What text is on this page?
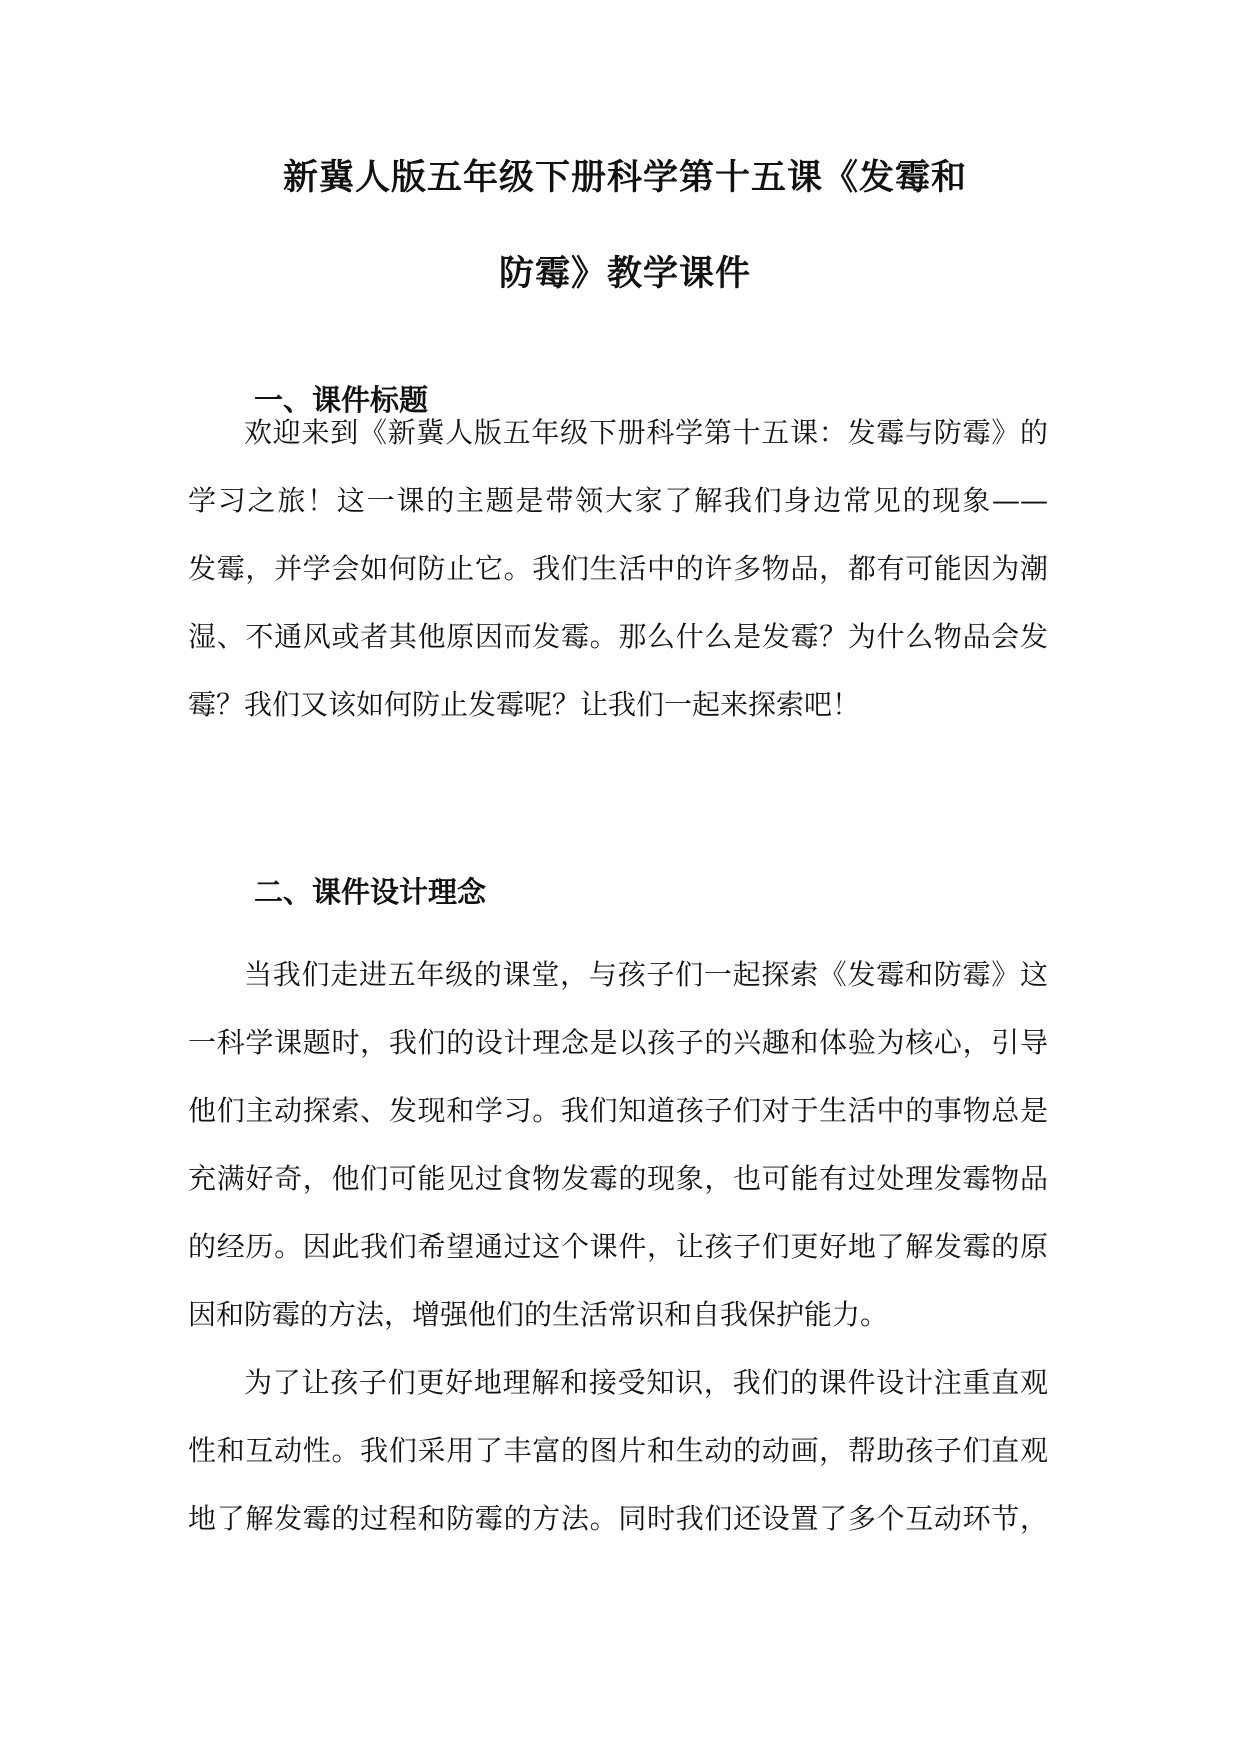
新冀人版五年级下册科学第十五课《发霉和
防霉》教学课件
一、课件标题
欢迎来到《新冀人版五年级下册科学第十五课：发霉与防霉》的
学习之旅！这一课的主题是带领大家了解我们身边常见的现象——
发霉，并学会如何防止它。我们生活中的许多物品，都有可能因为潮
湿、不通风或者其他原因而发霉。那么什么是发霉？为什么物品会发
霉？我们又该如何防止发霉呢？让我们一起来探索吧！
二、课件设计理念
当我们走进五年级的课堂，与孩子们一起探索《发霉和防霉》这
一科学课题时，我们的设计理念是以孩子的兴趣和体验为核心，引导
他们主动探索、发现和学习。我们知道孩子们对于生活中的事物总是
充满好奇，他们可能见过食物发霉的现象，也可能有过处理发霉物品
的经历。因此我们希望通过这个课件，让孩子们更好地了解发霉的原
因和防霉的方法，增强他们的生活常识和自我保护能力。
为了让孩子们更好地理解和接受知识，我们的课件设计注重直观
性和互动性。我们采用了丰富的图片和生动的动画，帮助孩子们直观
地了解发霉的过程和防霉的方法。同时我们还设置了多个互动环节，
